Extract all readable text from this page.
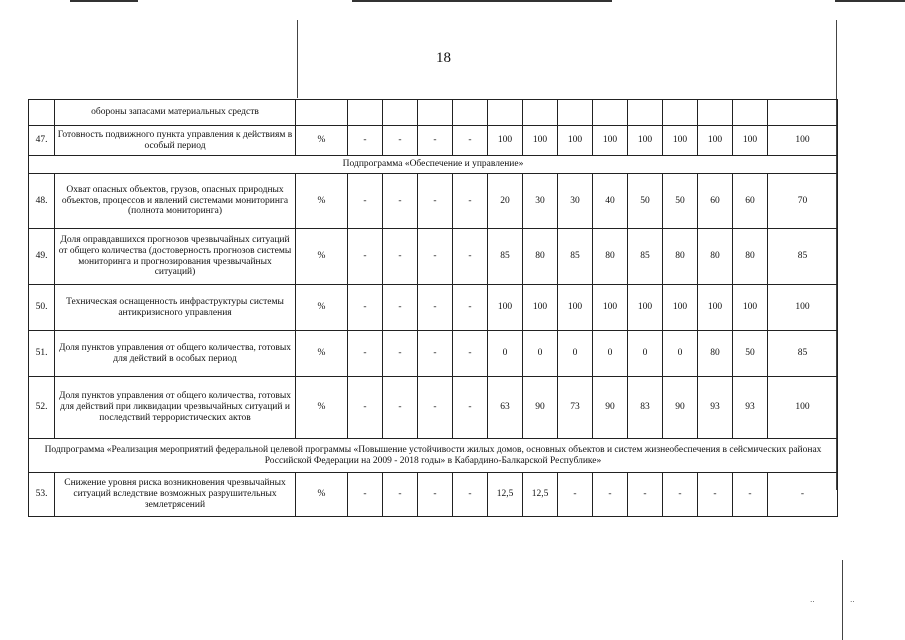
18
	обороны запасами материальных средств														
47.	Готовность подвижного пункта управления к действиям в особый период	%	-	-	-	-	100	100	100	100	100	100	100	100	100
Подпрограмма «Обеспечение и управление»															
48.	Охват опасных объектов, грузов, опасных природных объектов, процессов и явлений системами мониторинга (полнота мониторинга)	%	-	-	-	-	20	30	30	40	50	50	60	60	70
49.	Доля оправдавшихся прогнозов чрезвычайных ситуаций от общего количества (достоверность прогнозов системы мониторинга и прогнозирования чрезвычайных ситуаций)	%	-	-	-	-	85	80	85	80	85	80	80	80	85
50.	Техническая оснащенность инфраструктуры системы антикризисного управления	%	-	-	-	-	100	100	100	100	100	100	100	100	100
51.	Доля пунктов управления от общего количества, готовых для действий в особых период	%	-	-	-	-	0	0	0	0	0	0	80	50	85
52.	Доля пунктов управления от общего количества, готовых для действий при ликвидации чрезвычайных ситуаций и последствий террористических актов	%	-	-	-	-	63	90	73	90	83	90	93	93	100
Подпрограмма «Реализация мероприятий федеральной целевой программы «Повышение устойчивости жилых домов, основных объектов и систем жизнеобеспечения в сейсмических районах Российской Федерации на 2009 - 2018 годы» в Кабардино-Балкарской Республике»															
53.	Снижение уровня риска возникновения чрезвычайных ситуаций вследствие возможных разрушительных землетрясений	%	-	-	-	-	12,5	12,5	-	-	-	-	-	-	-
··	··
